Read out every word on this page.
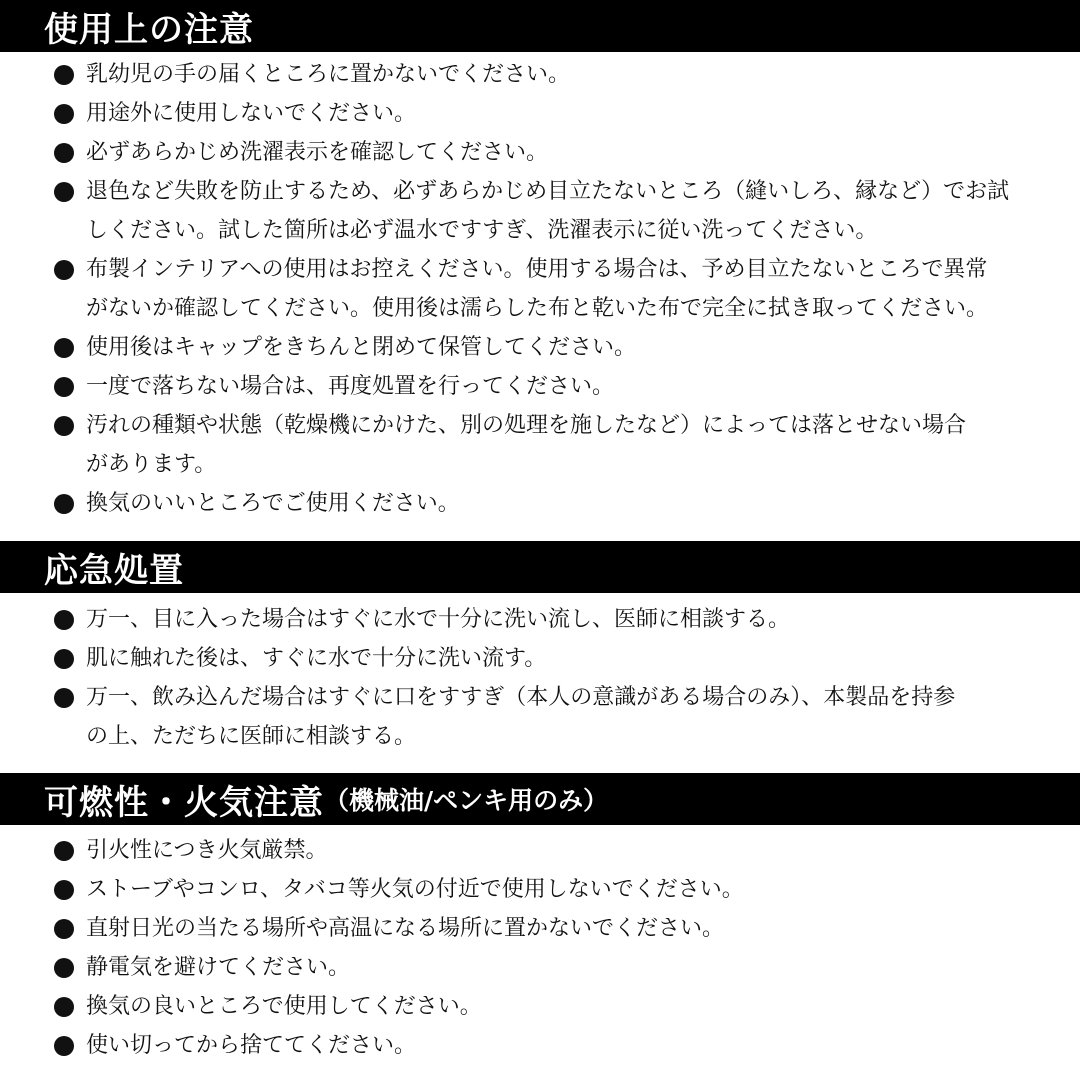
使用上の注意
乳幼児の手の届くところに置かないでください。
用途外に使用しないでください。
必ずあらかじめ洗濯表示を確認してください。
退色など失敗を防止するため、必ずあらかじめ目立たないところ（縫いしろ、縁など）でお試
しください。試した箇所は必ず温水ですすぎ、洗濯表示に従い洗ってください。
布製インテリアへの使用はお控えください。使用する場合は、予め目立たないところで異常
がないか確認してください。使用後は濡らした布と乾いた布で完全に拭き取ってください。
使用後はキャップをきちんと閉めて保管してください。
一度で落ちない場合は、再度処置を行ってください。
汚れの種類や状態（乾燥機にかけた、別の処理を施したなど）によっては落とせない場合
があります。
換気のいいところでご使用ください。
応急処置
万一、目に入った場合はすぐに水で十分に洗い流し、医師に相談する。
肌に触れた後は、すぐに水で十分に洗い流す。
万一、飲み込んだ場合はすぐに口をすすぎ（本人の意識がある場合のみ）、本製品を持参
の上、ただちに医師に相談する。
可燃性・火気注意 （機械油/ペンキ用のみ）
引火性につき火気厳禁。
ストーブやコンロ、タバコ等火気の付近で使用しないでください。
直射日光の当たる場所や高温になる場所に置かないでください。
静電気を避けてください。
換気の良いところで使用してください。
使い切ってから捨ててください。
